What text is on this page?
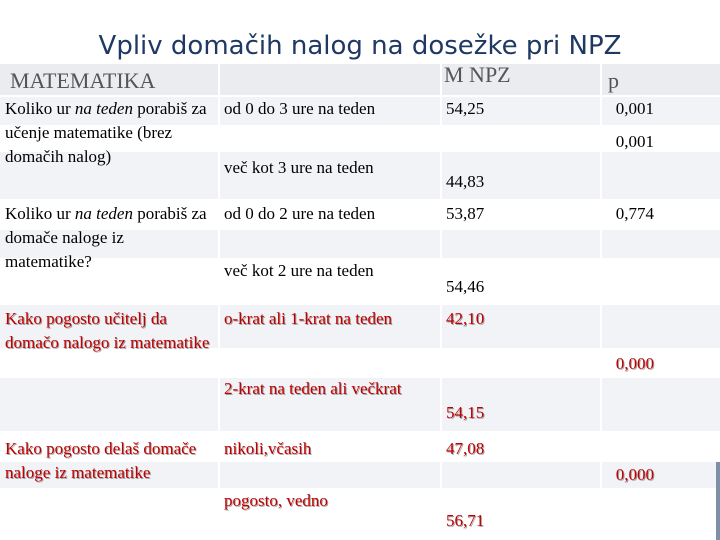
Vpliv domačih nalog na dosežke pri NPZ
MATEMATIKA	M NPZ	p
Koliko ur na teden porabiš za učenje matematike (brez domačih nalog)
od 0 do 3 ure na teden
več kot 3 ure na teden
54,25
44,83
0,001
0,001
Koliko ur na teden porabiš za domače naloge iz matematike?
od 0 do 2 ure na teden
več kot 2 ure na teden
53,87
54,46
0,774
Kako pogosto učitelj da domačo nalogo iz matematike
o-krat ali 1-krat na teden
2-krat na teden ali večkrat
42,10
54,15
0,000
Kako pogosto delaš domače naloge iz matematike
nikoli,včasih
pogosto, vedno
47,08
56,71
0,000
